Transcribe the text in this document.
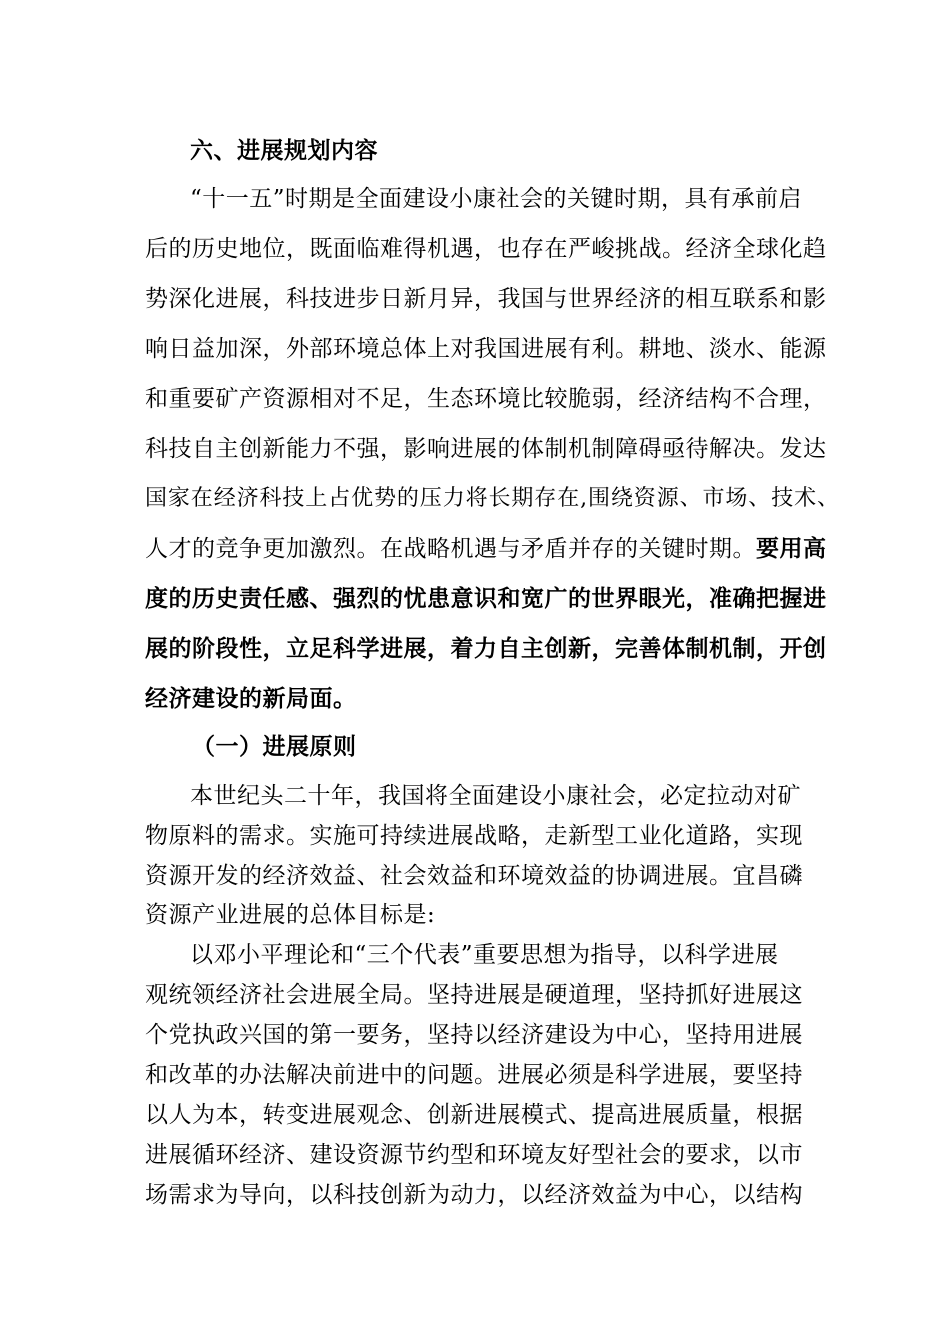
六、进展规划内容
“十一五”时期是全面建设小康社会的关键时期，具有承前启
后的历史地位，既面临难得机遇，也存在严峻挑战。经济全球化趋
势深化进展，科技进步日新月异，我国与世界经济的相互联系和影
响日益加深，外部环境总体上对我国进展有利。耕地、淡水、能源
和重要矿产资源相对不足，生态环境比较脆弱，经济结构不合理，
科技自主创新能力不强，影响进展的体制机制障碍亟待解决。发达
国家在经济科技上占优势的压力将长期存在,围绕资源、市场、技术、
人才的竞争更加激烈。在战略机遇与矛盾并存的关键时期。要用高
度的历史责任感、强烈的忧患意识和宽广的世界眼光，准确把握进
展的阶段性，立足科学进展，着力自主创新，完善体制机制，开创
经济建设的新局面。
（一）进展原则
本世纪头二十年，我国将全面建设小康社会，必定拉动对矿
物原料的需求。实施可持续进展战略，走新型工业化道路，实现
资源开发的经济效益、社会效益和环境效益的协调进展。宜昌磷
资源产业进展的总体目标是:
以邓小平理论和“三个代表”重要思想为指导，以科学进展
观统领经济社会进展全局。坚持进展是硬道理，坚持抓好进展这
个党执政兴国的第一要务，坚持以经济建设为中心，坚持用进展
和改革的办法解决前进中的问题。进展必须是科学进展，要坚持
以人为本，转变进展观念、创新进展模式、提高进展质量，根据
进展循环经济、建设资源节约型和环境友好型社会的要求，以市
场需求为导向，以科技创新为动力，以经济效益为中心，以结构
